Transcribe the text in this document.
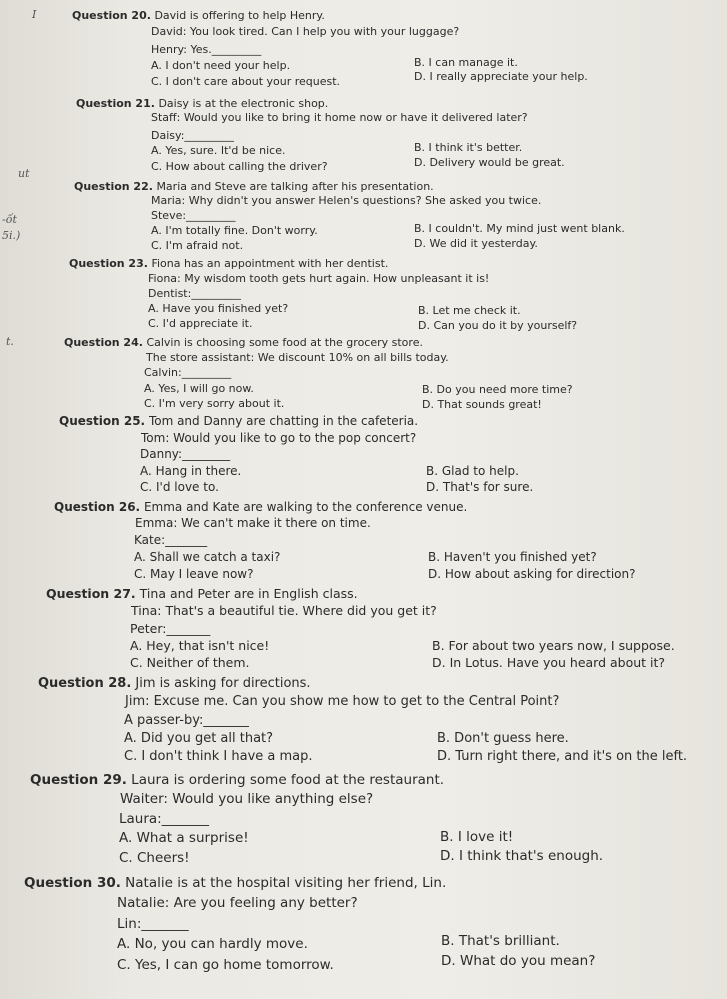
I
ut
-ốt
5i.)
t.
Question 20. David is offering to help Henry.
David: You look tired. Can I help you with your luggage?
Henry: Yes._________
A. I don't need your help.	B. I can manage it.
C. I don't care about your request.	D. I really appreciate your help.
Question 21. Daisy is at the electronic shop.
Staff: Would you like to bring it home now or have it delivered later?
Daisy:_________
A. Yes, sure. It'd be nice.	B. I think it's better.
C. How about calling the driver?	D. Delivery would be great.
Question 22. Maria and Steve are talking after his presentation.
Maria: Why didn't you answer Helen's questions? She asked you twice.
Steve:_________
A. I'm totally fine. Don't worry.	B. I couldn't. My mind just went blank.
C. I'm afraid not.	D. We did it yesterday.
Question 23. Fiona has an appointment with her dentist.
Fiona: My wisdom tooth gets hurt again. How unpleasant it is!
Dentist:_________
A. Have you finished yet?	B. Let me check it.
C. I'd appreciate it.	D. Can you do it by yourself?
Question 24. Calvin is choosing some food at the grocery store.
The store assistant: We discount 10% on all bills today.
Calvin:_________
A. Yes, I will go now.	B. Do you need more time?
C. I'm very sorry about it.	D. That sounds great!
Question 25. Tom and Danny are chatting in the cafeteria.
Tom: Would you like to go to the pop concert?
Danny:________
A. Hang in there.	B. Glad to help.
C. I'd love to.	D. That's for sure.
Question 26. Emma and Kate are walking to the conference venue.
Emma: We can't make it there on time.
Kate:_______
A. Shall we catch a taxi?	B. Haven't you finished yet?
C. May I leave now?	D. How about asking for direction?
Question 27. Tina and Peter are in English class.
Tina: That's a beautiful tie. Where did you get it?
Peter:_______
A. Hey, that isn't nice!	B. For about two years now, I suppose.
C. Neither of them.	D. In Lotus. Have you heard about it?
Question 28. Jim is asking for directions.
Jim: Excuse me. Can you show me how to get to the Central Point?
A passer-by:_______
A. Did you get all that?	B. Don't guess here.
C. I don't think I have a map.	D. Turn right there, and it's on the left.
Question 29. Laura is ordering some food at the restaurant.
Waiter: Would you like anything else?
Laura:_______
A. What a surprise!	B. I love it!
C. Cheers!	D. I think that's enough.
Question 30. Natalie is at the hospital visiting her friend, Lin.
Natalie: Are you feeling any better?
Lin:_______
A. No, you can hardly move.	B. That's brilliant.
C. Yes, I can go home tomorrow.	D. What do you mean?
